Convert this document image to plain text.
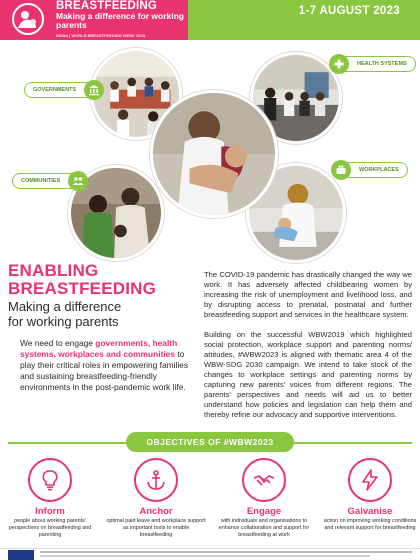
BREASTFEEDING
Making a difference for working parents
WABA | WORLD BREASTFEEDING WEEK 2023
1-7 AUGUST 2023
GOVERNMENTS
HEALTH SYSTEMS
COMMUNITIES
WORKPLACES
ENABLING
BREASTFEEDING
Making a difference
for working parents
We need to engage governments, health systems, workplaces and communities to play their critical roles in empowering families and sustaining breastfeeding-friendly environments in the post-pandemic work life.

The COVID-19 pandemic has drastically changed the way we work. It has adversely affected childbearing women by increasing the risk of unemployment and livelihood loss, and by disrupting access to prenatal, postnatal and further breastfeeding support and services in the healthcare system.

Building on the successful WBW2019 which highlighted social protection, workplace support and parenting norms/ attitudes, #WBW2023 is aligned with thematic area 4 of the WBW-SDG 2030 campaign. We intend to take stock of the changes to workplace settings and parenting norms by capturing new parents' voices from different regions. The parents' perspectives and needs will aid us to better understand how policies and legislation can help them and thereby refine our advocacy and supportive interventions.

OBJECTIVES OF #WBW2023
Inform
people about working parents' perspectives on breastfeeding and parenting
Anchor
optimal paid leave and workplace support as important tools to enable breastfeeding
Engage
with individuals and organisations to enhance collaboration and support for breastfeeding at work
Galvanise
action on improving working conditions and relevant support for breastfeeding
